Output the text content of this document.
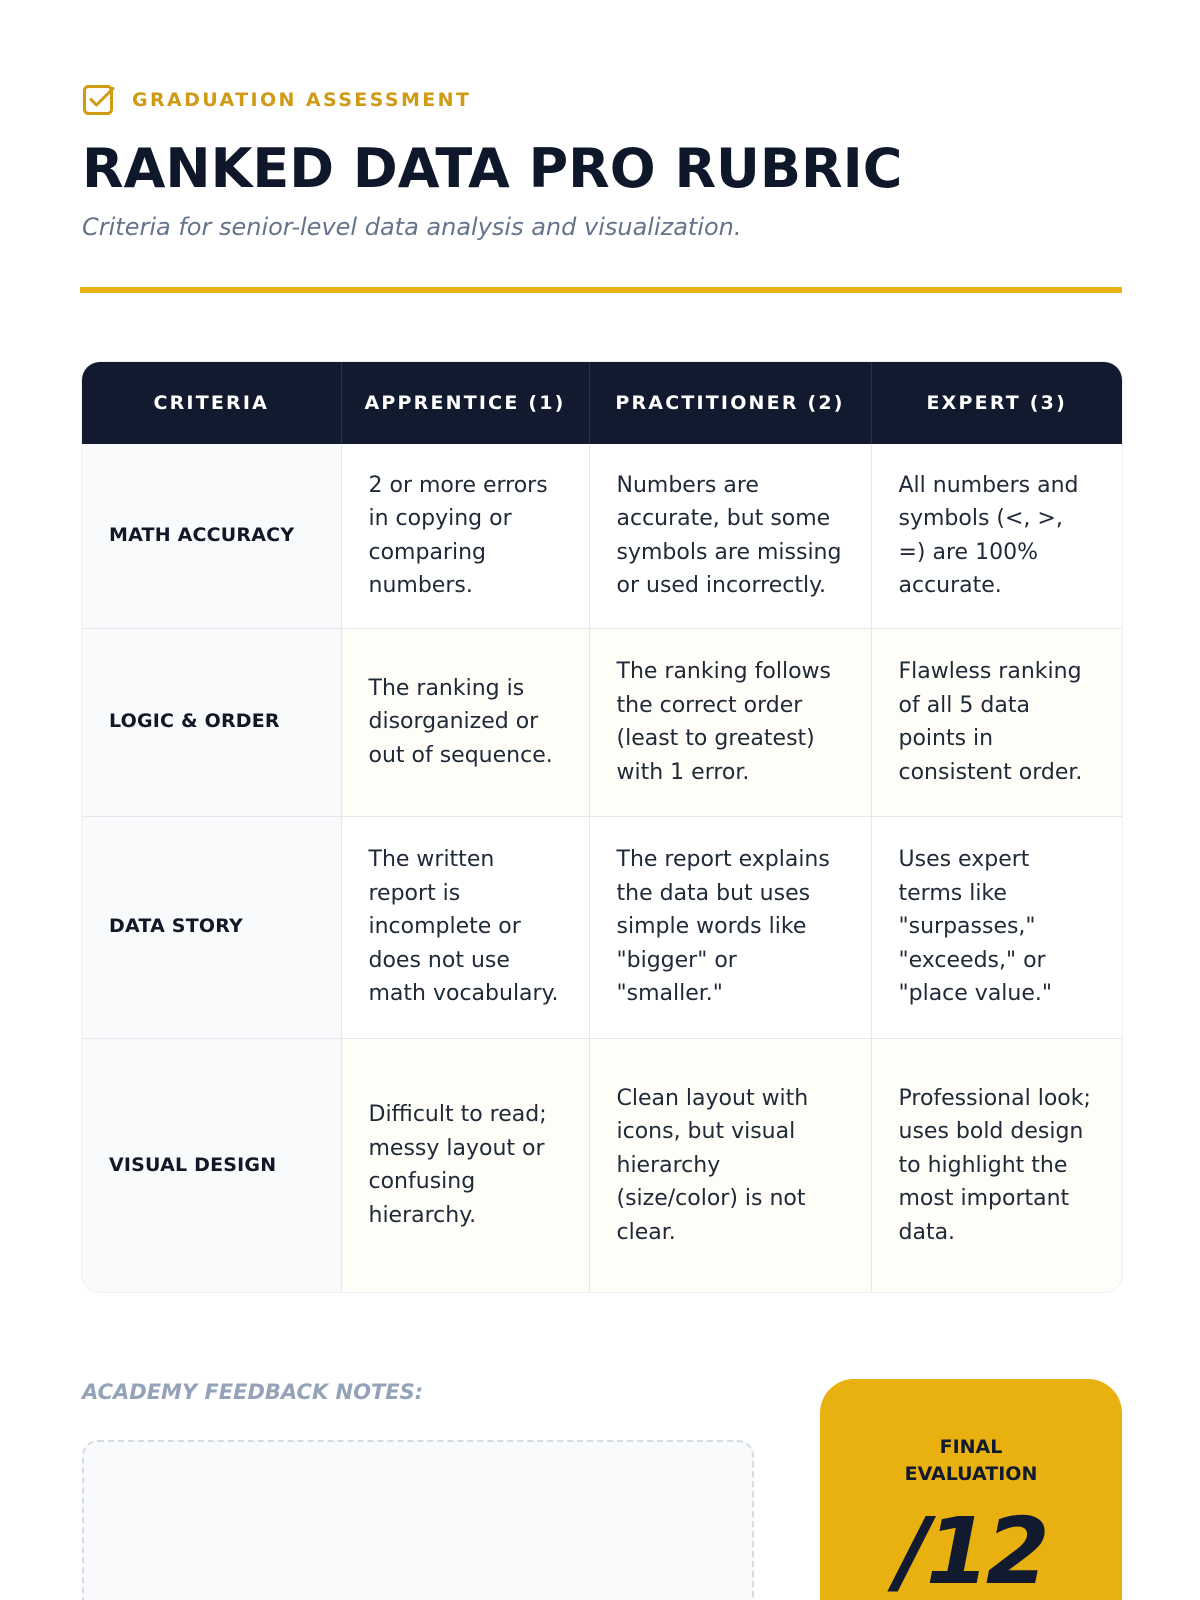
GRADUATION ASSESSMENT
RANKED DATA PRO RUBRIC
Criteria for senior-level data analysis and visualization.
CRITERIA	APPRENTICE (1)	PRACTITIONER (2)	EXPERT (3)
MATH ACCURACY	2 or more errors in copying or comparing numbers.	Numbers are accurate, but some symbols are missing or used incorrectly.	All numbers and symbols (<, >, =) are 100% accurate.
LOGIC & ORDER	The ranking is disorganized or out of sequence.	The ranking follows the correct order (least to greatest) with 1 error.	Flawless ranking of all 5 data points in consistent order.
DATA STORY	The written report is incomplete or does not use math vocabulary.	The report explains the data but uses simple words like "bigger" or "smaller."	Uses expert terms like "surpasses," "exceeds," or "place value."
VISUAL DESIGN	Difficult to read; messy layout or confusing hierarchy.	Clean layout with icons, but visual hierarchy (size/color) is not clear.	Professional look; uses bold design to highlight the most important data.
ACADEMY FEEDBACK NOTES:
FINAL EVALUATION
/12
